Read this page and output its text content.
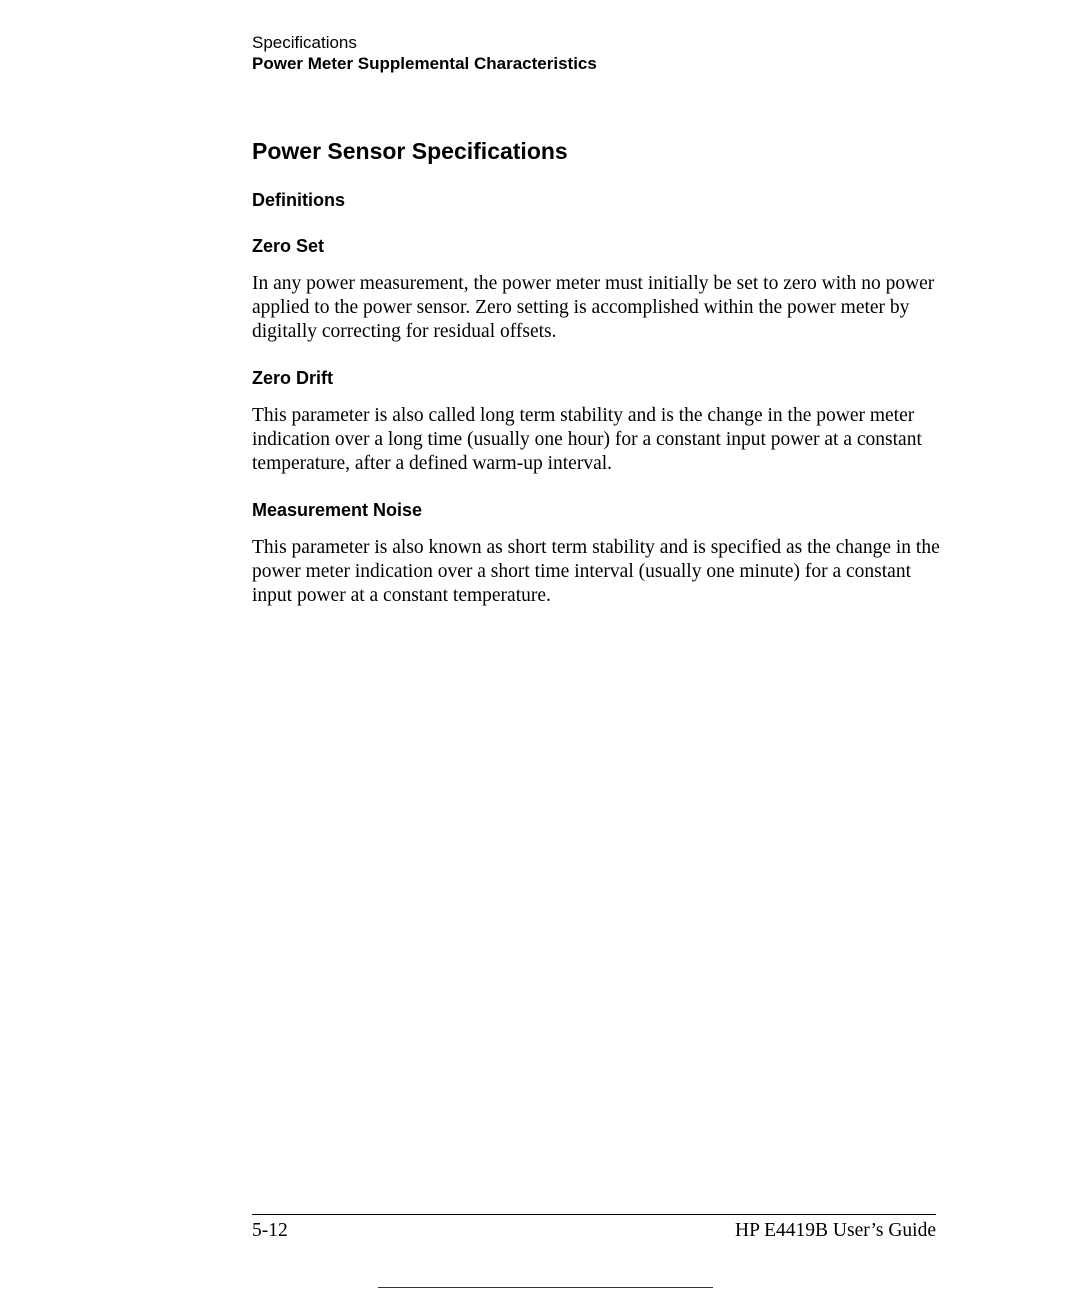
Specifications
Power Meter Supplemental Characteristics
Power Sensor Specifications
Definitions
Zero Set

In any power measurement, the power meter must initially be set to zero with no power applied to the power sensor. Zero setting is accomplished within the power meter by digitally correcting for residual offsets.

Zero Drift

This parameter is also called long term stability and is the change in the power meter indication over a long time (usually one hour) for a constant input power at a constant temperature, after a defined warm-up interval.

Measurement Noise

This parameter is also known as short term stability and is specified as the change in the power meter indication over a short time interval (usually one minute) for a constant input power at a constant temperature.

5-12	HP E4419B User’s Guide
